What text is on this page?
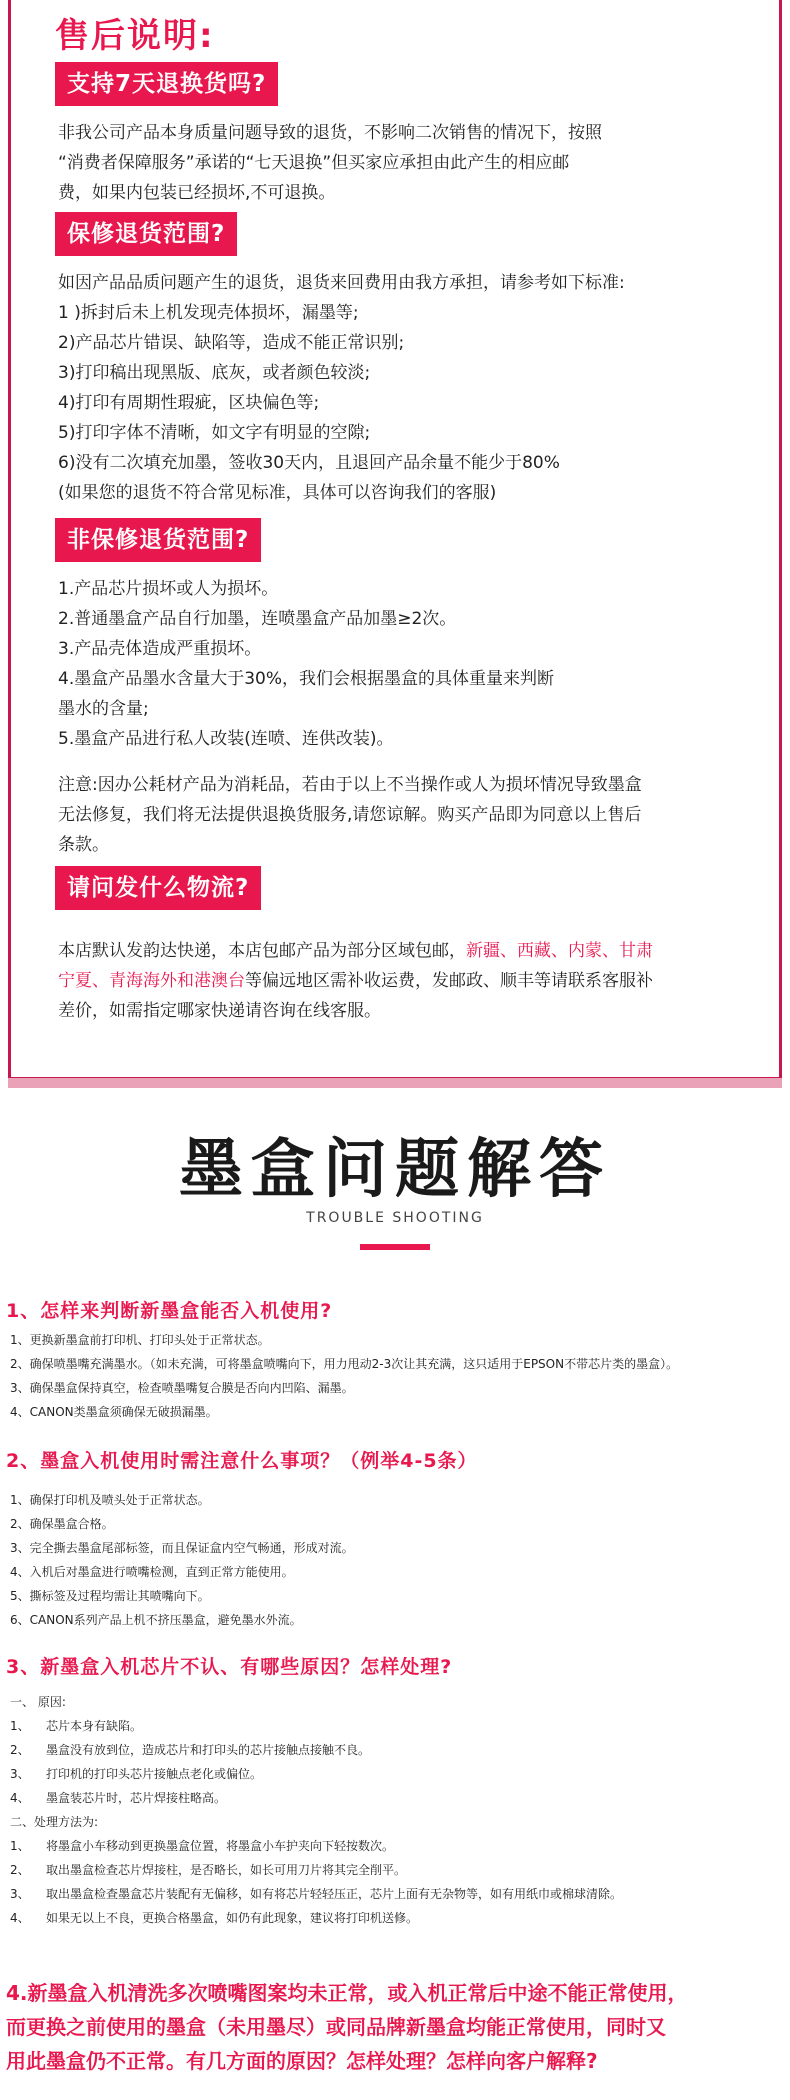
售后说明:
支持7天退换货吗?

非我公司产品本身质量问题导致的退货，不影响二次销售的情况下，按照

“消费者保障服务”承诺的“七天退换”但买家应承担由此产生的相应邮

费，如果内包装已经损坏,不可退换。

保修退货范围?

如因产品品质问题产生的退货，退货来回费用由我方承担，请参考如下标准:

1 )拆封后未上机发现壳体损坏，漏墨等;

2)产品芯片错误、缺陷等，造成不能正常识别;

3)打印稿出现黑版、底灰，或者颜色较淡;

4)打印有周期性瑕疵，区块偏色等;

5)打印字体不清晰，如文字有明显的空隙;

6)没有二次填充加墨，签收30天内，且退回产品余量不能少于80%

(如果您的退货不符合常见标准，具体可以咨询我们的客服)

非保修退货范围?

1.产品芯片损坏或人为损坏。

2.普通墨盒产品自行加墨，连喷墨盒产品加墨≥2次。

3.产品壳体造成严重损坏。

4.墨盒产品墨水含量大于30%，我们会根据墨盒的具体重量来判断

墨水的含量;

5.墨盒产品进行私人改装(连喷、连供改装)。

注意:因办公耗材产品为消耗品，若由于以上不当操作或人为损坏情况导致墨盒

无法修复，我们将无法提供退换货服务,请您谅解。购买产品即为同意以上售后

条款。

请问发什么物流?

本店默认发韵达快递，本店包邮产品为部分区域包邮，新疆、西藏、内蒙、甘肃

宁夏、青海海外和港澳台等偏远地区需补收运费，发邮政、顺丰等请联系客服补

差价，如需指定哪家快递请咨询在线客服。

墨盒问题解答
TROUBLE SHOOTING
1、怎样来判断新墨盒能否入机使用?

1、更换新墨盒前打印机、打印头处于正常状态。

2、确保喷墨嘴充满墨水。（如未充满，可将墨盒喷嘴向下，用力甩动2-3次让其充满，这只适用于EPSON不带芯片类的墨盒）。

3、确保墨盒保持真空，检查喷墨嘴复合膜是否向内凹陷、漏墨。

4、CANON类墨盒须确保无破损漏墨。

2、墨盒入机使用时需注意什么事项？（例举4-5条）

1、确保打印机及喷头处于正常状态。

2、确保墨盒合格。

3、完全撕去墨盒尾部标签，而且保证盒内空气畅通，形成对流。

4、入机后对墨盒进行喷嘴检测，直到正常方能使用。

5、撕标签及过程均需让其喷嘴向下。

6、CANON系列产品上机不挤压墨盒，避免墨水外流。

3、新墨盒入机芯片不认、有哪些原因？怎样处理?

一、 原因:

1、 芯片本身有缺陷。

2、 墨盒没有放到位，造成芯片和打印头的芯片接触点接触不良。

3、 打印机的打印头芯片接触点老化或偏位。

4、 墨盒装芯片时，芯片焊接柱略高。

二、处理方法为:

1、 将墨盒小车移动到更换墨盒位置，将墨盒小车护夹向下轻按数次。

2、 取出墨盒检查芯片焊接柱，是否略长，如长可用刀片将其完全削平。

3、 取出墨盒检查墨盒芯片装配有无偏移，如有将芯片轻轻压正，芯片上面有无杂物等，如有用纸巾或棉球清除。

4、 如果无以上不良，更换合格墨盒，如仍有此现象，建议将打印机送修。

4.新墨盒入机清洗多次喷嘴图案均未正常，或入机正常后中途不能正常使用，

而更换之前使用的墨盒（未用墨尽）或同品牌新墨盒均能正常使用，同时又

用此墨盒仍不正常。有几方面的原因？怎样处理？怎样向客户解释?
